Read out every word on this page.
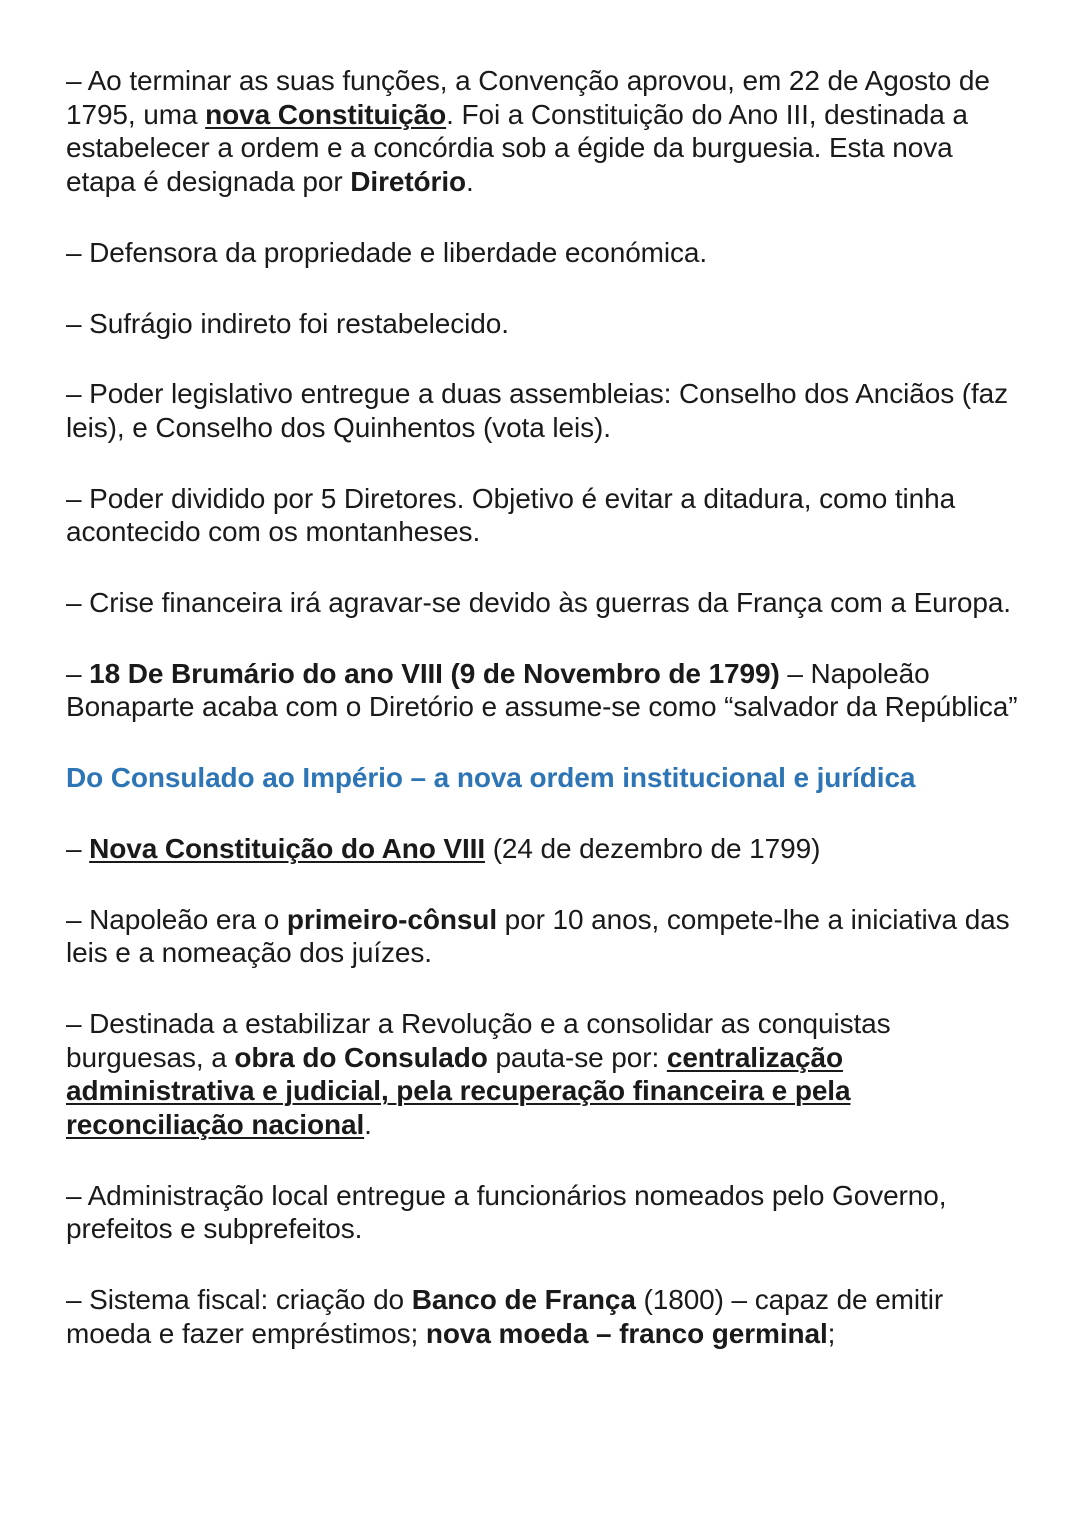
– Ao terminar as suas funções, a Convenção aprovou, em 22 de Agosto de 1795, uma nova Constituição. Foi a Constituição do Ano III, destinada a estabelecer a ordem e a concórdia sob a égide da burguesia. Esta nova etapa é designada por Diretório.

– Defensora da propriedade e liberdade económica.

– Sufrágio indireto foi restabelecido.

– Poder legislativo entregue a duas assembleias: Conselho dos Anciãos (faz leis), e Conselho dos Quinhentos (vota leis).

– Poder dividido por 5 Diretores. Objetivo é evitar a ditadura, como tinha acontecido com os montanheses.

– Crise financeira irá agravar-se devido às guerras da França com a Europa.

– 18 De Brumário do ano VIII (9 de Novembro de 1799) – Napoleão Bonaparte acaba com o Diretório e assume-se como “salvador da República”

Do Consulado ao Império – a nova ordem institucional e jurídica

– Nova Constituição do Ano VIII (24 de dezembro de 1799)

– Napoleão era o primeiro-cônsul por 10 anos, compete-lhe a iniciativa das leis e a nomeação dos juízes.

– Destinada a estabilizar a Revolução e a consolidar as conquistas burguesas, a obra do Consulado pauta-se por: centralização administrativa e judicial, pela recuperação financeira e pela reconciliação nacional.

– Administração local entregue a funcionários nomeados pelo Governo, prefeitos e subprefeitos.

– Sistema fiscal: criação do Banco de França (1800) – capaz de emitir moeda e fazer empréstimos; nova moeda – franco germinal;
